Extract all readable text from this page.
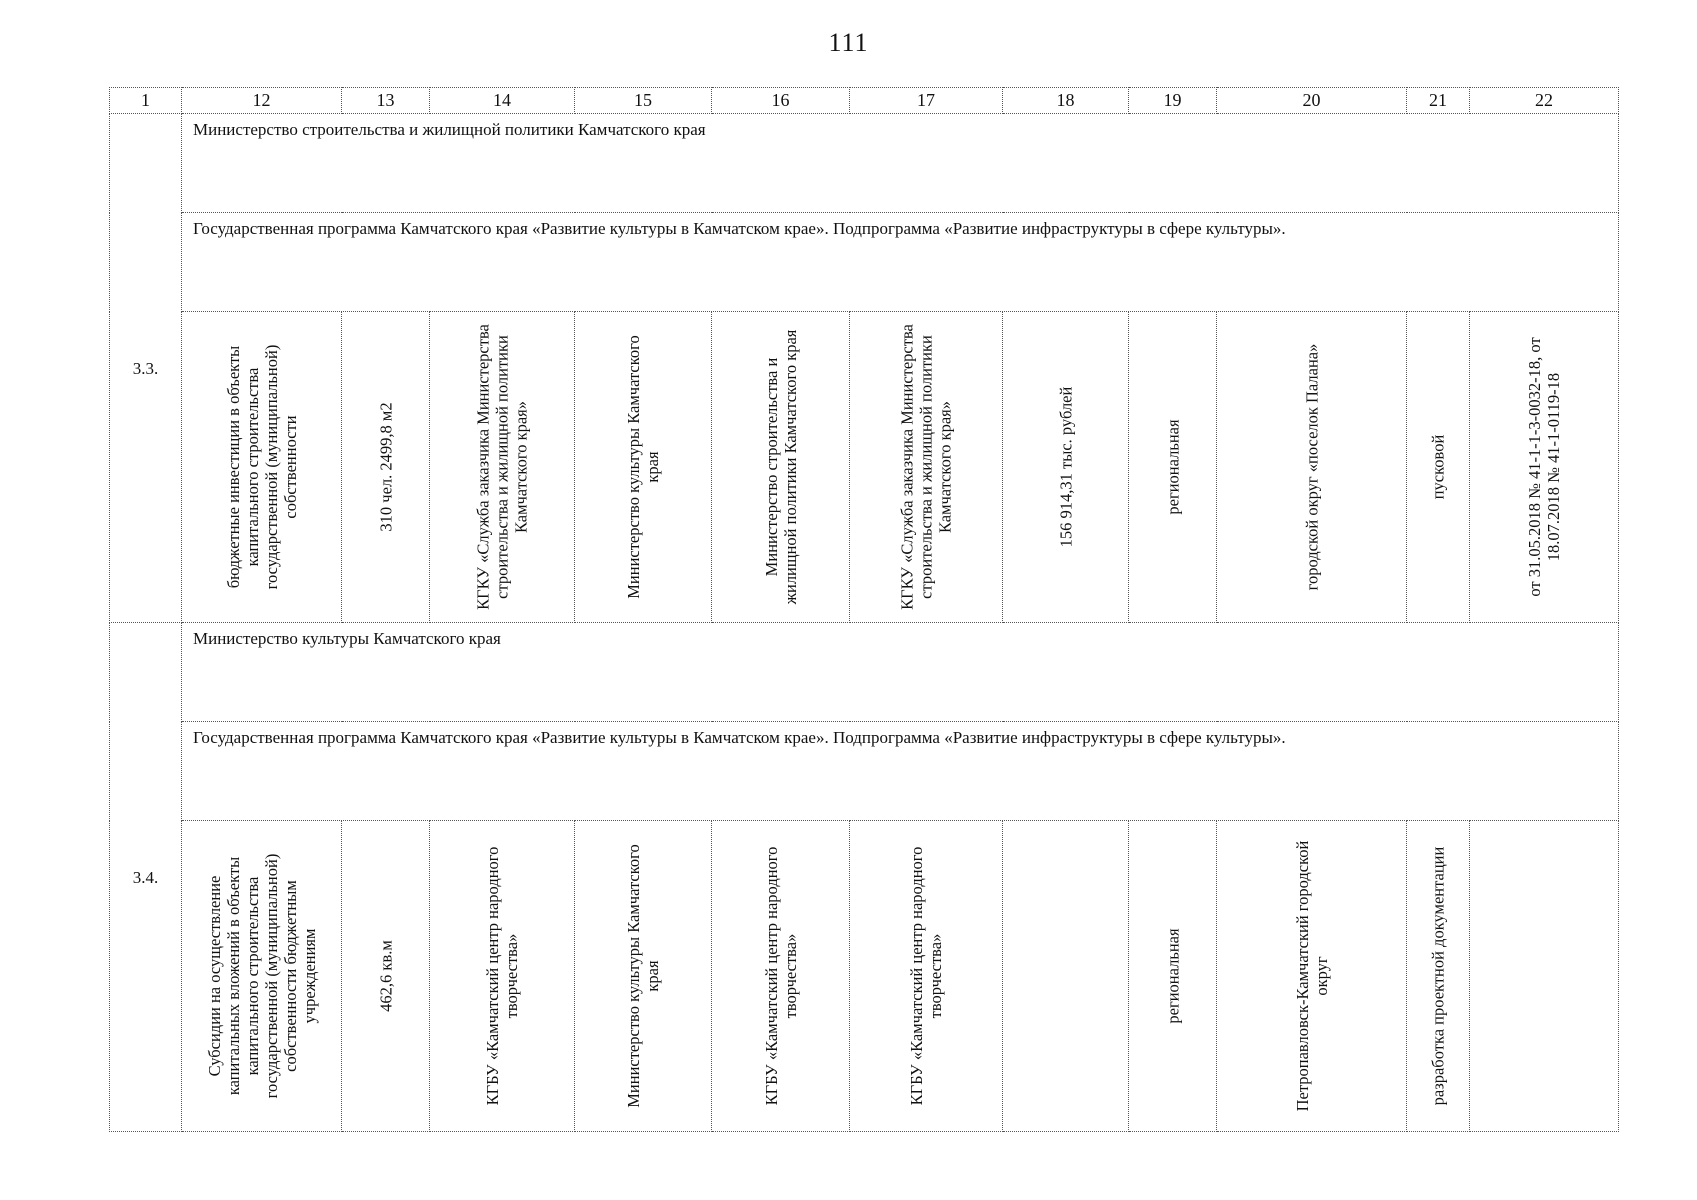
111
1	12	13	14	15	16	17	18	19	20	21	22
3.3.	Министерство строительства и жилищной политики Камчатского края										
	Государственная программа Камчатского края «Развитие культуры в Камчатском крае». Подпрограмма «Развитие инфраструктуры в сфере культуры».										

	бюджетные инвестиции в объекты капитального строительства государственной (муниципальной) собственности	310 чел. 2499,8 м2	КГКУ «Служба заказчика Министерства строительства и жилищной политики Камчатского края»	Министерство культуры Камчатского края	Министерство строительства и жилищной политики Камчатского края	КГКУ «Служба заказчика Министерства строительства и жилищной политики Камчатского края»	156 914,31 тыс. рублей	региональная	городской округ «поселок Палана»	пусковой	от 31.05.2018 № 41-1-1-3-0032-18, от 18.07.2018 № 41-1-0119-18

3.4.	Министерство культуры Камчатского края										
	Государственная программа Камчатского края «Развитие культуры в Камчатском крае». Подпрограмма «Развитие инфраструктуры в сфере культуры».										

	Субсидии на осуществление капитальных вложений в объекты капитального строительства государственной (муниципальной) собственности бюджетным учреждениям	462,6 кв.м	КГБУ «Камчатский центр народного творчества»	Министерство культуры Камчатского края	КГБУ «Камчатский центр народного творчества»	КГБУ «Камчатский центр народного творчества»		региональная	Петропавловск-Камчатский городской округ	разработка проектной документации	
